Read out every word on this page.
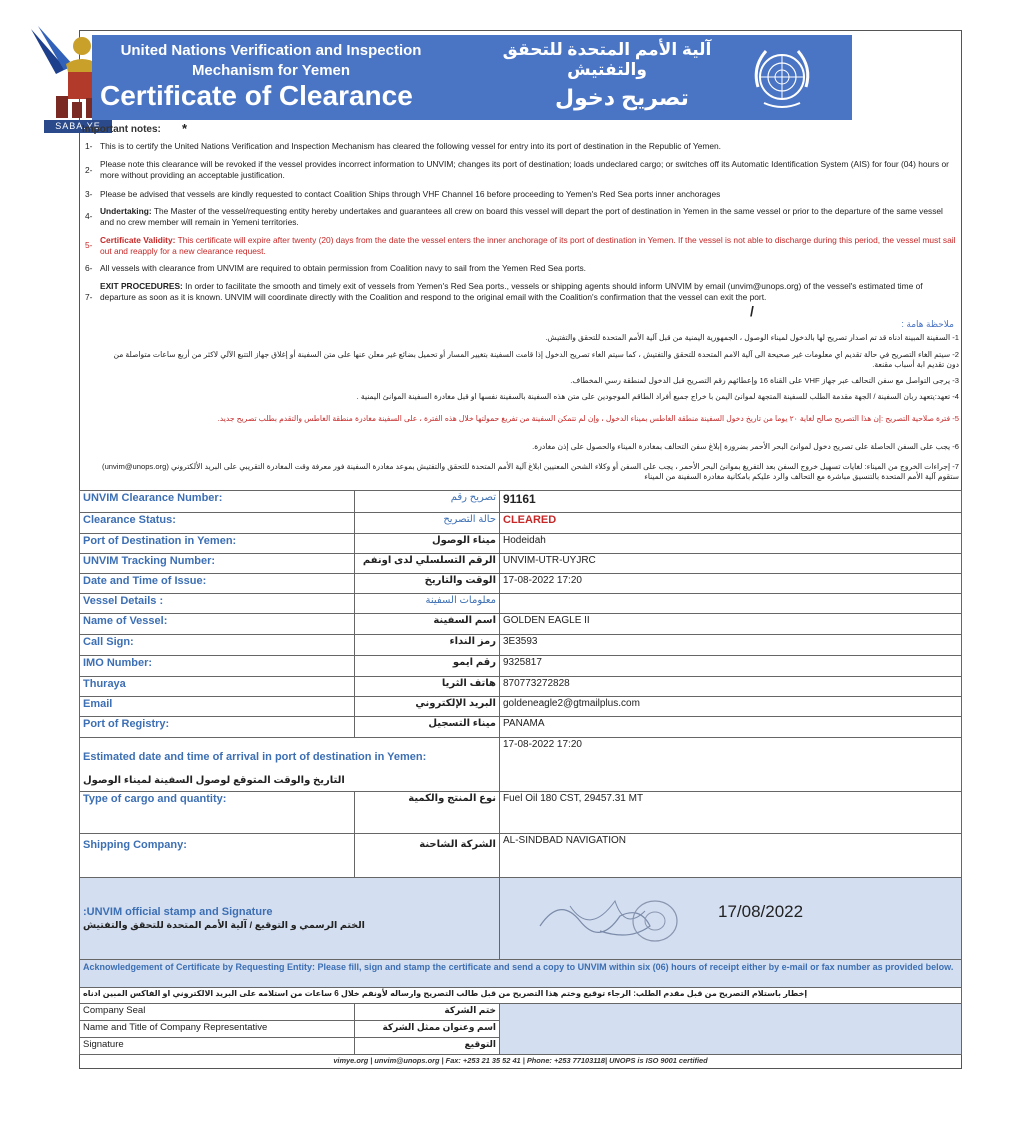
SABA.YE
United Nations Verification and Inspection Mechanism for Yemen
Certificate of Clearance
آلية الأمم المتحدة للتحقق والتفتيش
تصريح دخول
Important notes: *
1- This is to certify the United Nations Verification and Inspection Mechanism has cleared the following vessel for entry into its port of destination in the Republic of Yemen.
2-
Please note this clearance will be revoked if the vessel provides incorrect information to UNVIM; changes its port of destination; loads undeclared cargo; or switches off its Automatic Identification System (AIS) for four (04) hours or more without providing an acceptable justification.
3- Please be advised that vessels are kindly requested to contact Coalition Ships through VHF Channel 16 before proceeding to Yemen's Red Sea ports inner anchorages
4- Undertaking: The Master of the vessel/requesting entity hereby undertakes and guarantees all crew on board this vessel will depart the port of destination in Yemen in the same vessel or prior to the departure of the same vessel and no crew member will remain in Yemeni territories.
5- Certificate Validity: This certificate will expire after twenty (20) days from the date the vessel enters the inner anchorage of its port of destination in Yemen. If the vessel is not able to discharge during this period, the vessel must sail out and reapply for a new clearance request.
6- All vessels with clearance from UNVIM are required to obtain permission from Coalition navy to sail from the Yemen Red Sea ports.
7-
EXIT PROCEDURES: In order to facilitate the smooth and timely exit of vessels from Yemen's Red Sea ports., vessels or shipping agents should inform UNVIM by email (unvim@unops.org) of the vessel's estimated time of departure as soon as it is known. UNVIM will coordinate directly with the Coalition and respond to the original email with the Coalition's confirmation that the vessel can exit the port.
/
ملاحظة هامة :
1- السفينة المبينة ادناه قد تم اصدار تصريح لها بالدخول لميناء الوصول ، الجمهورية اليمنية من قبل آلية الأمم المتحدة للتحقق والتفتيش.
2- سيتم الغاء التصريح في حالة تقديم اي معلومات غير صحيحة الى آلية الامم المتحدة للتحقق والتفتيش ، كما سيتم الغاء تصريح الدخول إذا قامت السفينة بتغيير المسار أو تحميل بضائع غير معلن عنها على متن السفينة أو إغلاق جهاز التتبع الآلي لاكثر من أربع ساعات متواصلة من دون تقديم ابة أسباب مقنعة.
3- يرجى التواصل مع سفن التحالف عبر جهاز VHF على القناة 16 وإعطائهم رقم التصريح قبل الدخول لمنطقة رسي المخطاف.
4- تعهد:يتعهد ربان السفينة / الجهة مقدمة الطلب للسفينة المتجهة لموانئ اليمن با خراج جميع أفراد الطاقم الموجودين على متن هذه السفينة بالسفينة نفسها او قبل مغادرة السفينة الموانئ اليمنية .
5- فترة صلاحية التصريح :إن هذا التصريح صالح لغاية ٢٠ يوما من تاريخ دخول السفينة منطقة الغاطس بميناء الدخول ، وإن لم تتمكن السفينة من تفريغ حمولتها خلال هذه الفترة ، على السفينة مغادرة منطقة الغاطس والتقدم بطلب تصريح جديد.
6- يجب على السفن الحاصلة على تصريح دخول لموانئ البحر الأحمر بضرورة إبلاغ سفن التحالف بمغادرة الميناء والحصول على إذن مغادرة.
7- إجراءات الخروج من الميناء: لغايات تسهيل خروج السفن بعد التفريغ بموانئ البحر الأحمر ، يجب على السفن أو وكلاء الشحن المعنيين ابلاغ آلية الأمم المتحدة للتحقق والتفتيش بموعد مغادرة السفينة فور معرفة وقت المغادرة التقريبي على البريد الألكتروني (unvim@unops.org) ستقوم آلية الأمم المتحدة بالتنسيق مباشرة مع التحالف والرد عليكم بامكانية مغادرة السفينة من الميناء
UNVIM Clearance Number:	تصريح رقم	91161
Clearance Status:	حالة التصريح	CLEARED
Port of Destination in Yemen:	ميناء الوصول	Hodeidah
UNVIM Tracking Number:	الرقم التسلسلي لدى اونفم	UNVIM-UTR-UYJRC
Date and Time of Issue:	الوقت والتاريخ	17-08-2022 17:20
Vessel Details :	معلومات السفينة	
Name of Vessel:	اسم السفينة	GOLDEN EAGLE II
Call Sign:	رمز النداء	3E3593
IMO Number:	رقم ايمو	9325817
Thuraya	هاتف الثريا	870773272828
Email	البريد الإلكتروني	goldeneagle2@gtmailplus.com
Port of Registry:	ميناء التسجيل	PANAMA

Estimated date and time of arrival in port of destination in Yemen:
التاريخ والوقت المتوقع لوصول السفينة لميناء الوصول		17-08-2022 17:20
Type of cargo and quantity:	نوع المنتج والكمية	Fuel Oil 180 CST, 29457.31 MT
Shipping Company:	الشركة الشاحنة	AL-SINDBAD NAVIGATION

:UNVIM official stamp and Signature
الختم الرسمي و التوقيع / آلية الأمم المتحدة للتحقق والتفتيش		17/08/2022

Acknowledgement of Certificate by Requesting Entity: Please fill, sign and stamp the certificate and send a copy to UNVIM within six (06) hours of receipt either by e-mail or fax number as provided below.		
إخطار باستلام التصريح من قبل مقدم الطلب: الرجاء توقيع وختم هذا التصريح من قبل طالب التصريح وارساله لأونفم خلال 6 ساعات من استلامه على البريد الالكتروني او الفاكس المبين ادناه		
Company Seal	ختم الشركة	
Name and Title of Company Representative	اسم وعنوان ممثل الشركة	
Signature	التوقيع	
vimye.org | unvim@unops.org | Fax: +253 21 35 52 41 | Phone: +253 77103118| UNOPS is ISO 9001 certified
